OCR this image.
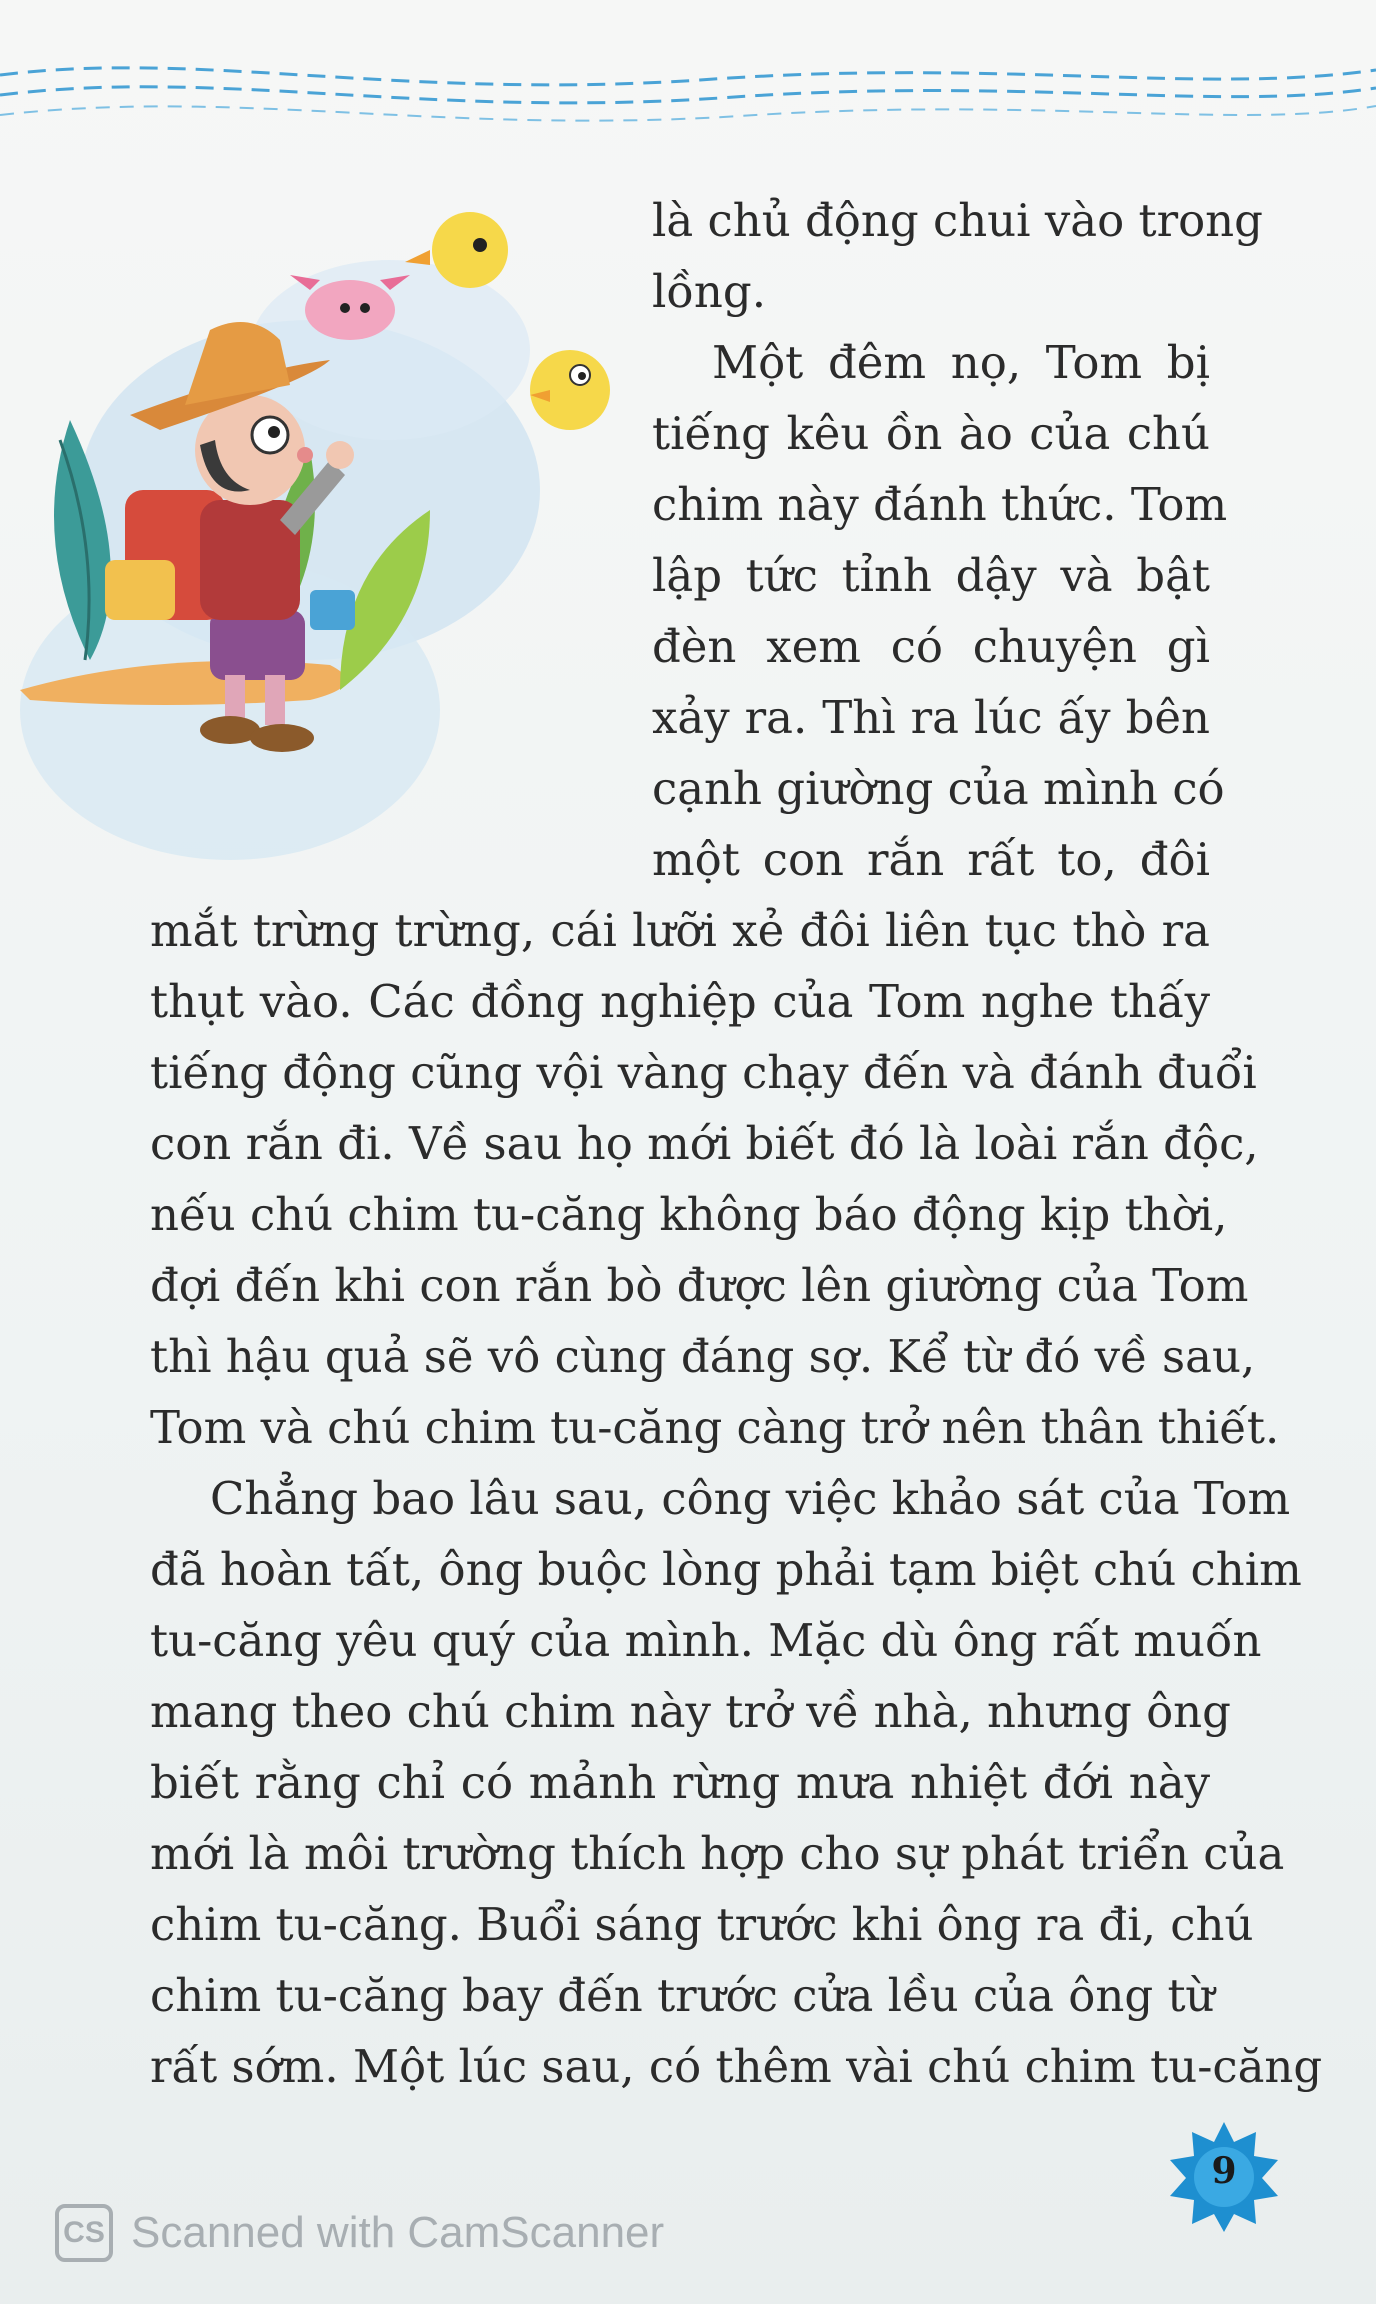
là chủ động chui vào trong
lồng.
Một đêm nọ, Tom bị
tiếng kêu ồn ào của chú
chim này đánh thức. Tom
lập tức tỉnh dậy và bật
đèn xem có chuyện gì
xảy ra. Thì ra lúc ấy bên
cạnh giường của mình có
một con rắn rất to, đôi
mắt trừng trừng, cái lưỡi xẻ đôi liên tục thò ra
thụt vào. Các đồng nghiệp của Tom nghe thấy
tiếng động cũng vội vàng chạy đến và đánh đuổi
con rắn đi. Về sau họ mới biết đó là loài rắn độc,
nếu chú chim tu-căng không báo động kịp thời,
đợi đến khi con rắn bò được lên giường của Tom
thì hậu quả sẽ vô cùng đáng sợ. Kể từ đó về sau,
Tom và chú chim tu-căng càng trở nên thân thiết.
Chẳng bao lâu sau, công việc khảo sát của Tom
đã hoàn tất, ông buộc lòng phải tạm biệt chú chim
tu-căng yêu quý của mình. Mặc dù ông rất muốn
mang theo chú chim này trở về nhà, nhưng ông
biết rằng chỉ có mảnh rừng mưa nhiệt đới này
mới là môi trường thích hợp cho sự phát triển của
chim tu-căng. Buổi sáng trước khi ông ra đi, chú
chim tu-căng bay đến trước cửa lều của ông từ
rất sớm. Một lúc sau, có thêm vài chú chim tu-căng
9
CS Scanned with CamScanner
